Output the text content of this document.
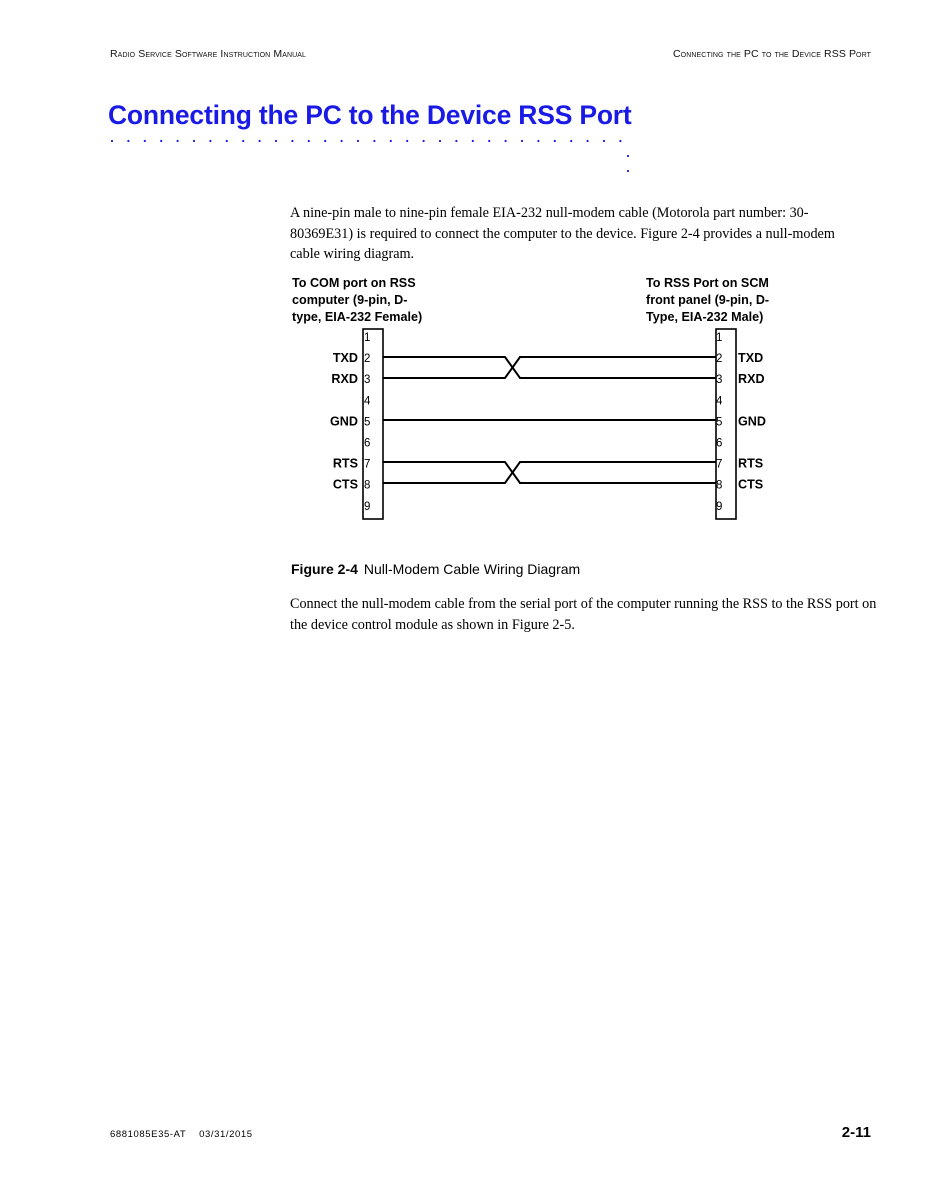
Radio Service Software Instruction Manual	Connecting the PC to the Device RSS Port
Connecting the PC to the Device RSS Port

A nine-pin male to nine-pin female EIA-232 null-modem cable (Motorola part number: 30-80369E31) is required to connect the computer to the device. Figure 2-4 provides a null-modem cable wiring diagram.

To COM port on RSS
computer (9-pin, D-
type, EIA-232 Female)
To RSS Port on SCM
front panel (9-pin, D-
Type, EIA-232 Male)
1
2
3
4
5
6
7
8
9
1
2
3
4
5
6
7
8
9
TXD
RXD
GND
RTS
CTS
TXD
RXD
GND
RTS
CTS
Figure 2-4 Null-Modem Cable Wiring Diagram

Connect the null-modem cable from the serial port of the computer running the RSS to the RSS port on the device control module as shown in Figure 2-5.

6881085E35-AT    03/31/2015	2-11
